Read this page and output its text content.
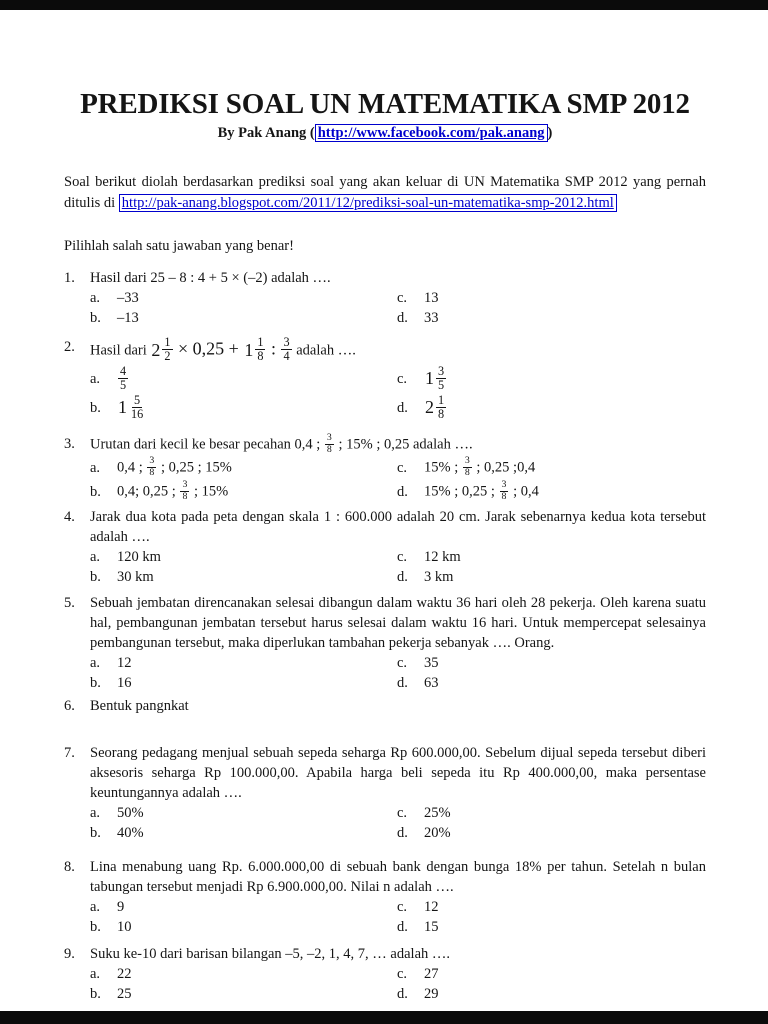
PREDIKSI SOAL UN MATEMATIKA SMP 2012
By Pak Anang ( http://www.facebook.com/pak.anang )

Soal berikut diolah berdasarkan prediksi soal yang akan keluar di UN Matematika SMP 2012 yang pernah ditulis di http://pak-anang.blogspot.com/2011/12/prediksi-soal-un-matematika-smp-2012.html

Pilihlah salah satu jawaban yang benar!

1.	Hasil dari 25 – 8 : 4 + 5 × (–2) adalah ….
a.	–33
b.	–13
c.	13
d.	33
2.	Hasil dari $2 \frac{1}{2} \times 0,25 + 1 \frac{1}{8}$ : $\frac{3}{4}$ adalah ….
a.	$\frac{4}{5}$
b. $1 \frac{5}{16}$
c. $1 \frac{3}{5}$
d. $2 \frac{1}{8}$
3.	Urutan dari kecil ke besar pecahan 0,4 ; $\frac{3}{8}$ ; 15% ; 0,25 adalah ….
a.	0,4 ; $\frac{3}{8}$ ; 0,25 ; 15%
b.	0,4; 0,25 ; $\frac{3}{8}$ ; 15%
c.	15% ; $\frac{3}{8}$ ; 0,25 ;0,4
d.	15% ; 0,25 ; $\frac{3}{8}$ ; 0,4
4.	Jarak dua kota pada peta dengan skala 1 : 600.000 adalah 20 cm. Jarak sebenarnya kedua kota tersebut adalah ….
a.	120 km
b.	30 km
c.	12 km
d.	3 km
5.	Sebuah jembatan direncanakan selesai dibangun dalam waktu 36 hari oleh 28 pekerja. Oleh karena suatu hal, pembangunan jembatan tersebut harus selesai dalam waktu 16 hari. Untuk mempercepat selesainya pembangunan tersebut, maka diperlukan tambahan pekerja sebanyak …. Orang.
a.	12
b.	16
c.	35
d.	63
6.	Bentuk pangnkat
7.	Seorang pedagang menjual sebuah sepeda seharga Rp 600.000,00. Sebelum dijual sepeda tersebut diberi aksesoris seharga Rp 100.000,00. Apabila harga beli sepeda itu Rp 400.000,00, maka persentase keuntungannya adalah ….
a.	50%
b.	40%
c.	25%
d.	20%
8.	Lina menabung uang Rp. 6.000.000,00 di sebuah bank dengan bunga 18% per tahun. Setelah n bulan tabungan tersebut menjadi Rp 6.900.000,00. Nilai n adalah ….
a.	9
b.	10
c.	12
d.	15
9.	Suku ke-10 dari barisan bilangan –5, –2, 1, 4, 7, … adalah ….
a.	22
b.	25
c.	27
d.	29
